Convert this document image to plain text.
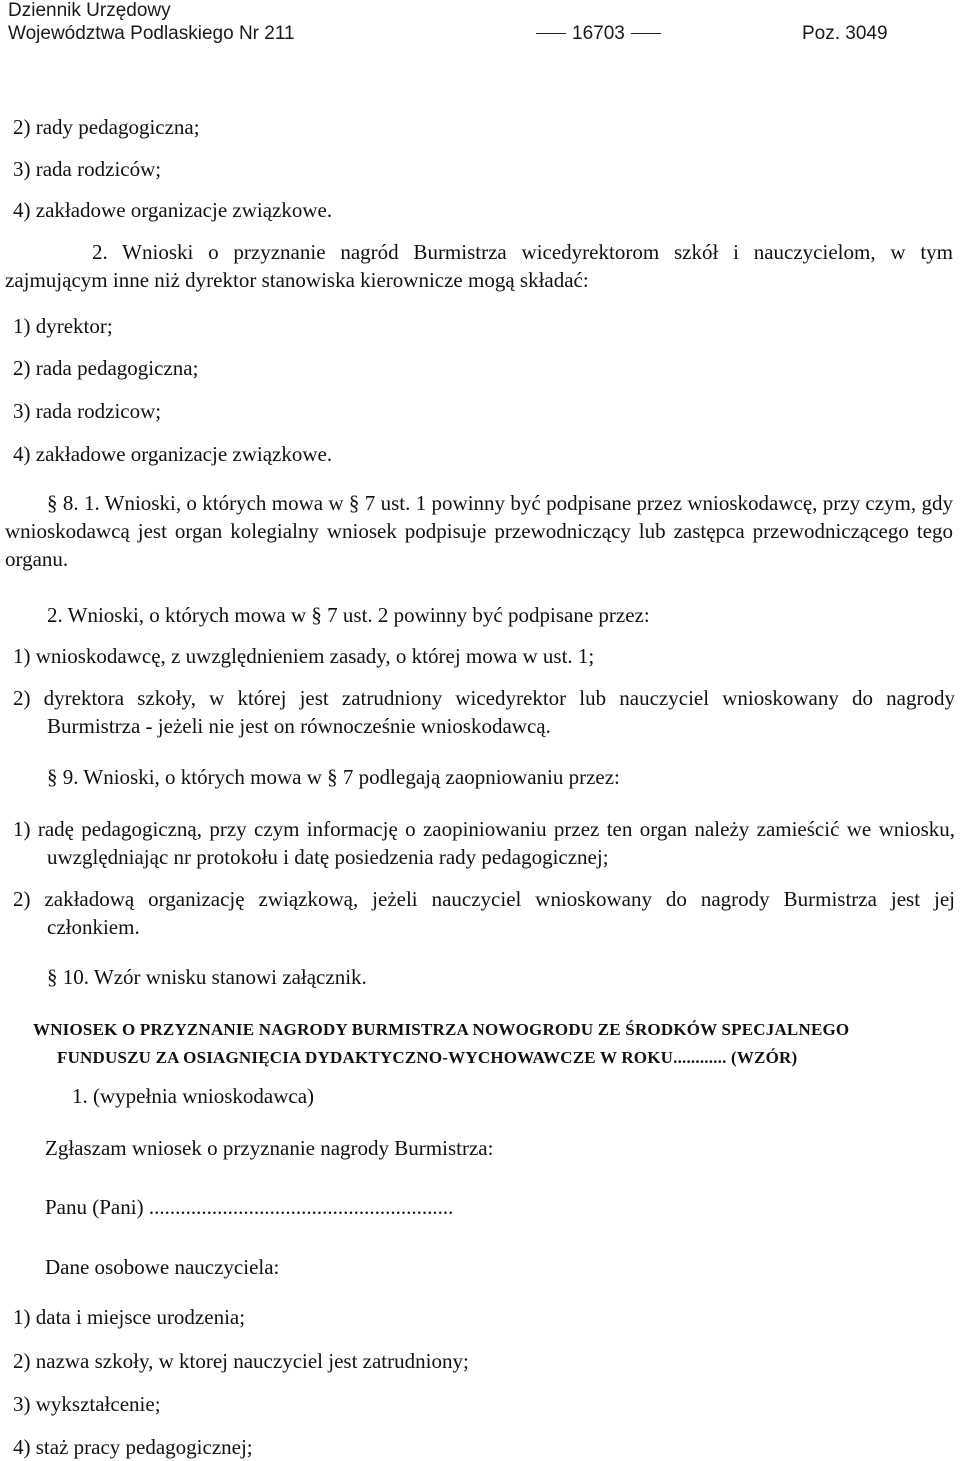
Dziennik Urzędowy
Województwa Podlaskiego Nr 211	16703	Poz. 3049
2) rady pedagogiczna;
3) rada rodziców;
4) zakładowe organizacje związkowe.
2. Wnioski o przyznanie nagród Burmistrza wicedyrektorom szkół i nauczycielom, w tym zajmującym inne niż dyrektor stanowiska kierownicze mogą składać:
1) dyrektor;
2) rada pedagogiczna;
3) rada rodzicow;
4) zakładowe organizacje związkowe.
§ 8. 1. Wnioski, o których mowa w § 7 ust. 1 powinny być podpisane przez wnioskodawcę, przy czym, gdy wnioskodawcą jest organ kolegialny wniosek podpisuje przewodniczący lub zastępca przewodniczącego tego organu.
2. Wnioski, o których mowa w § 7 ust. 2 powinny być podpisane przez:
1) wnioskodawcę, z uwzględnieniem zasady, o której mowa w ust. 1;
2) dyrektora szkoły, w której jest zatrudniony wicedyrektor lub nauczyciel wnioskowany do nagrody Burmistrza - jeżeli nie jest on równocześnie wnioskodawcą.
§ 9. Wnioski, o których mowa w § 7 podlegają zaopniowaniu przez:
1) radę pedagogiczną, przy czym informację o zaopiniowaniu przez ten organ należy zamieścić we wniosku, uwzględniając nr protokołu i datę posiedzenia rady pedagogicznej;
2) zakładową organizację związkową, jeżeli nauczyciel wnioskowany do nagrody Burmistrza jest jej członkiem.
§ 10. Wzór wnisku stanowi załącznik.
WNIOSEK O PRZYZNANIE NAGRODY BURMISTRZA NOWOGRODU ZE ŚRODKÓW SPECJALNEGO
FUNDUSZU ZA OSIAGNIĘCIA DYDAKTYCZNO-WYCHOWAWCZE W ROKU............ (WZÓR)
1. (wypełnia wnioskodawca)
Zgłaszam wniosek o przyznanie nagrody Burmistrza:
Panu (Pani) ..........................................................
Dane osobowe nauczyciela:
1) data i miejsce urodzenia;
2) nazwa szkoły, w ktorej nauczyciel jest zatrudniony;
3) wykształcenie;
4) staż pracy pedagogicznej;
